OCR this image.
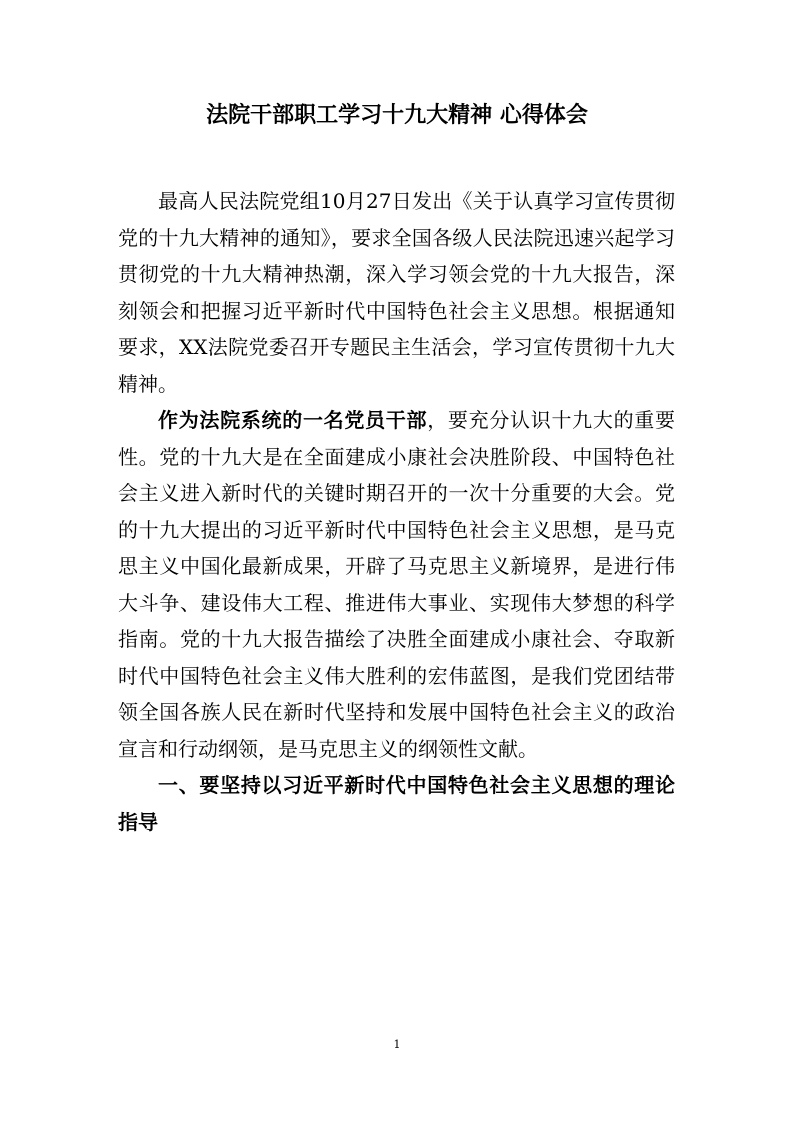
法院干部职工学习十九大精神 心得体会

最高人民法院党组10月27日发出《关于认真学习宣传贯彻党的十九大精神的通知》，要求全国各级人民法院迅速兴起学习贯彻党的十九大精神热潮，深入学习领会党的十九大报告，深刻领会和把握习近平新时代中国特色社会主义思想。根据通知要求，XX法院党委召开专题民主生活会，学习宣传贯彻十九大精神。

作为法院系统的一名党员干部，要充分认识十九大的重要性。党的十九大是在全面建成小康社会决胜阶段、中国特色社会主义进入新时代的关键时期召开的一次十分重要的大会。党的十九大提出的习近平新时代中国特色社会主义思想，是马克思主义中国化最新成果，开辟了马克思主义新境界，是进行伟大斗争、建设伟大工程、推进伟大事业、实现伟大梦想的科学指南。党的十九大报告描绘了决胜全面建成小康社会、夺取新时代中国特色社会主义伟大胜利的宏伟蓝图，是我们党团结带领全国各族人民在新时代坚持和发展中国特色社会主义的政治宣言和行动纲领，是马克思主义的纲领性文献。

一、要坚持以习近平新时代中国特色社会主义思想的理论指导

1
